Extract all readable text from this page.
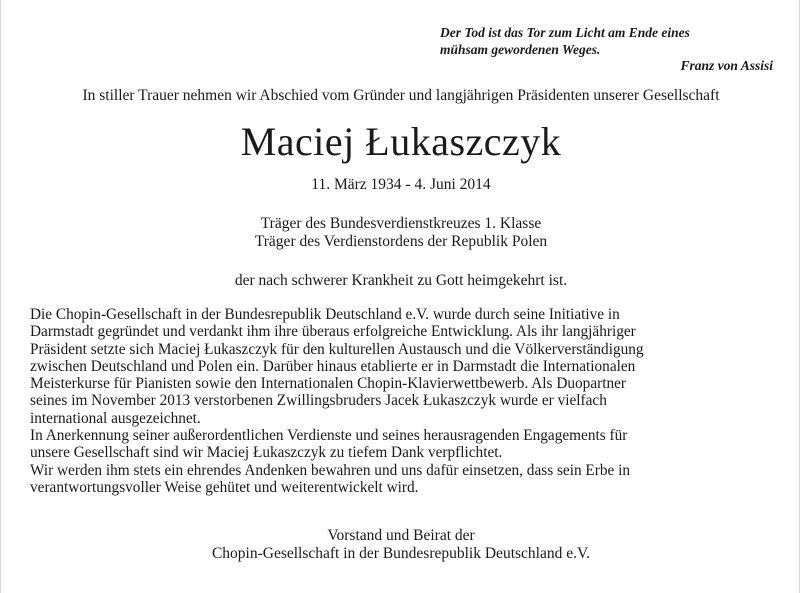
Der Tod ist das Tor zum Licht am Ende eines
mühsam gewordenen Weges.
Franz von Assisi
In stiller Trauer nehmen wir Abschied vom Gründer und langjährigen Präsidenten unserer Gesellschaft
Maciej Łukaszczyk
11. März 1934 - 4. Juni 2014
Träger des Bundesverdienstkreuzes 1. Klasse
Träger des Verdienstordens der Republik Polen
der nach schwerer Krankheit zu Gott heimgekehrt ist.

Die Chopin-Gesellschaft in der Bundesrepublik Deutschland e.V. wurde durch seine Initiative in

Darmstadt gegründet und verdankt ihm ihre überaus erfolgreiche Entwicklung. Als ihr langjähriger

Präsident setzte sich Maciej Łukaszczyk für den kulturellen Austausch und die Völkerverständigung

zwischen Deutschland und Polen ein. Darüber hinaus etablierte er in Darmstadt die Internationalen

Meisterkurse für Pianisten sowie den Internationalen Chopin-Klavierwettbewerb. Als Duopartner

seines im November 2013 verstorbenen Zwillingsbruders Jacek Łukaszczyk wurde er vielfach

international ausgezeichnet.

In Anerkennung seiner außerordentlichen Verdienste und seines herausragenden Engagements für

unsere Gesellschaft sind wir Maciej Łukaszczyk zu tiefem Dank verpflichtet.

Wir werden ihm stets ein ehrendes Andenken bewahren und uns dafür einsetzen, dass sein Erbe in

verantwortungsvoller Weise gehütet und weiterentwickelt wird.

Vorstand und Beirat der
Chopin-Gesellschaft in der Bundesrepublik Deutschland e.V.
